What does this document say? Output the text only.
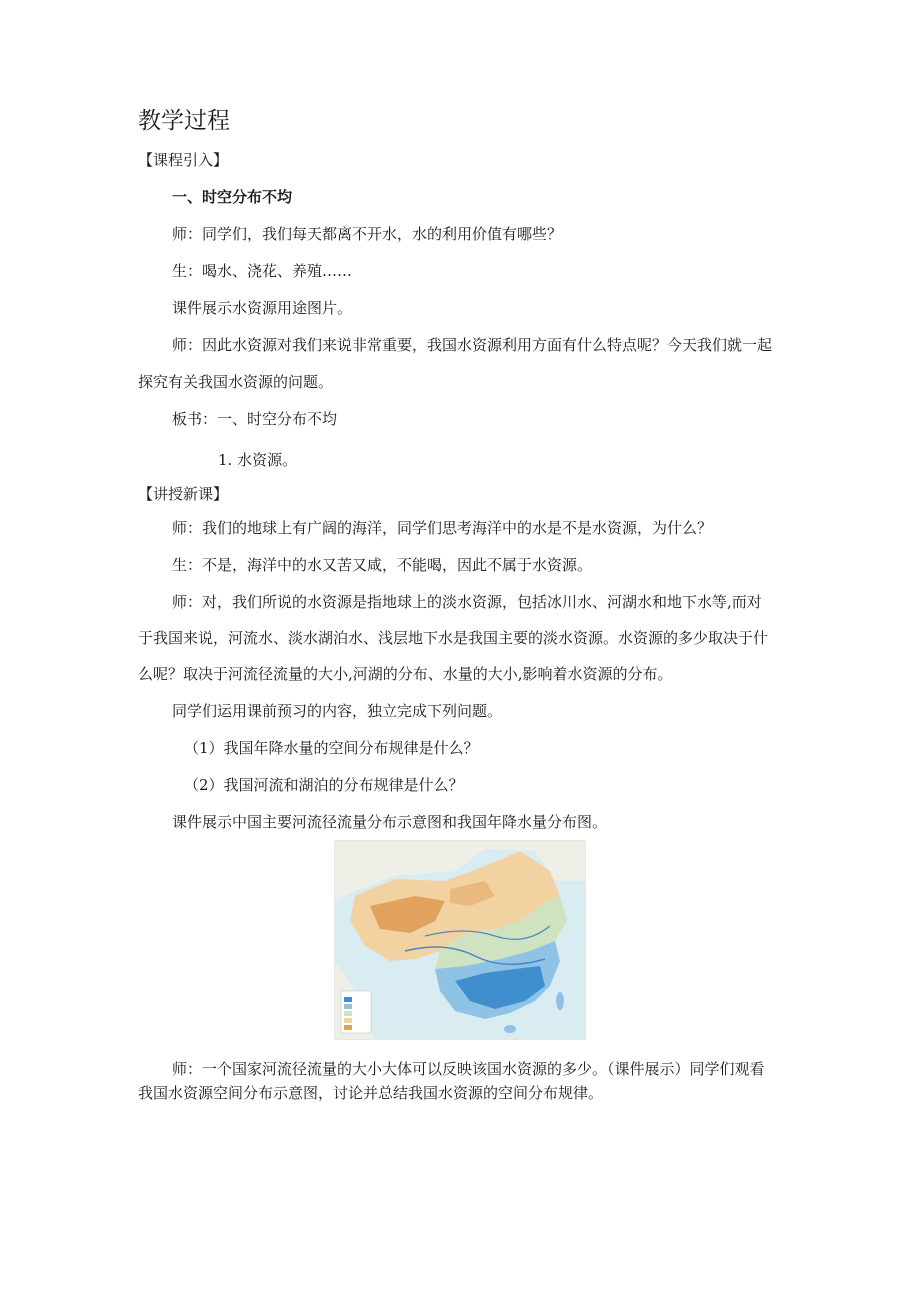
教学过程

【课程引入】

一、时空分布不均

师：同学们，我们每天都离不开水，水的利用价值有哪些？

生：喝水、浇花、养殖……

课件展示水资源用途图片。

师：因此水资源对我们来说非常重要，我国水资源利用方面有什么特点呢？今天我们就一起

探究有关我国水资源的问题。

板书：一、时空分布不均

1. 水资源。

【讲授新课】

师：我们的地球上有广阔的海洋，同学们思考海洋中的水是不是水资源，为什么？

生：不是，海洋中的水又苦又咸，不能喝，因此不属于水资源。

师：对，我们所说的水资源是指地球上的淡水资源，包括冰川水、河湖水和地下水等,而对

于我国来说，河流水、淡水湖泊水、浅层地下水是我国主要的淡水资源。水资源的多少取决于什

么呢？取决于河流径流量的大小,河湖的分布、水量的大小,影响着水资源的分布。

同学们运用课前预习的内容，独立完成下列问题。

（1）我国年降水量的空间分布规律是什么？

（2）我国河流和湖泊的分布规律是什么？

课件展示中国主要河流径流量分布示意图和我国年降水量分布图。

师：一个国家河流径流量的大小大体可以反映该国水资源的多少。（课件展示）同学们观看

我国水资源空间分布示意图，讨论并总结我国水资源的空间分布规律。
